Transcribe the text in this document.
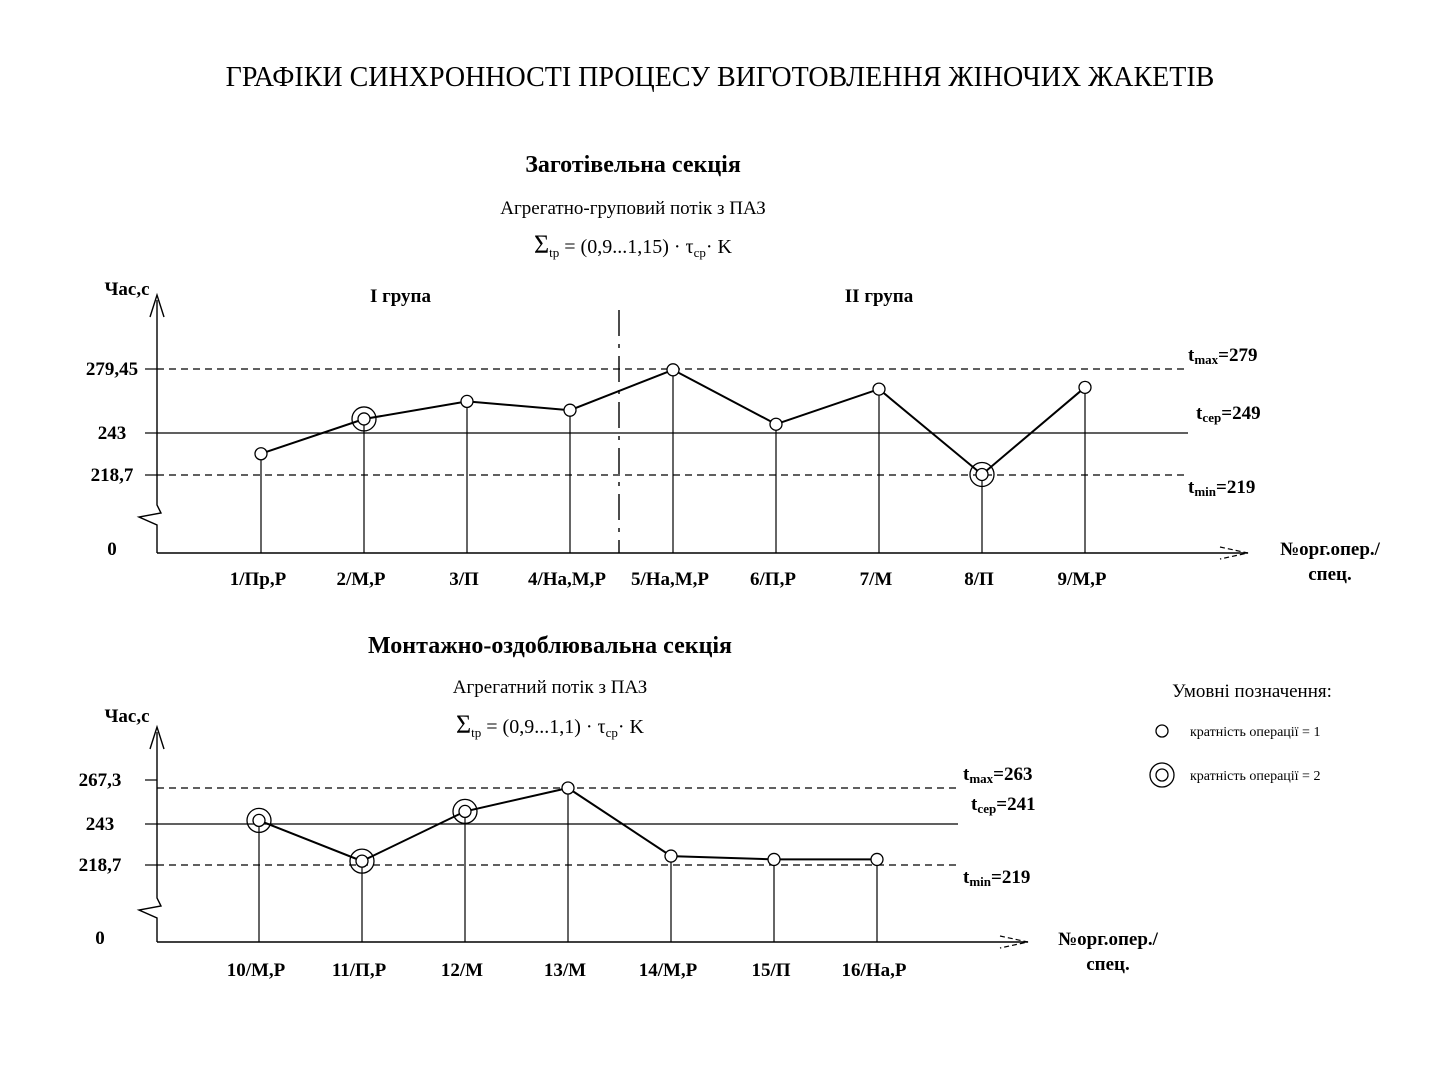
ГРАФІКИ СИНХРОННОСТІ ПРОЦЕСУ ВИГОТОВЛЕННЯ ЖІНОЧИХ ЖАКЕТІВ
Заготівельна секція
Агрегатно-груповий потік з ПАЗ
$\Sigma_{tp} = (0,9...1,15) \cdot \tau_{cp}\cdot K$
Час,с
№орг.опер./
спец.
279,45
243
218,7
0
tmax=279
tсер=249
tmin=219
I група	II група
1/Пр,Р	2/М,Р	3/П	4/На,М,Р 5/На,М,Р 6/П,Р	7/М	8/П	9/М,Р
Монтажно-оздоблювальна секція
Агрегатний потік з ПАЗ
$\Sigma_{tp} = (0,9...1,1) \cdot \tau_{cp}\cdot K$
Час,с
№орг.опер./
спец.
267,3
243
218,7
0
tmax=263
tсер=241
tmin=219
10/М,Р 11/П,Р	12/М	13/М	14/М,Р	15/П	16/На,Р
Умовні позначення:
кратність операції = 1
кратність операції = 2
